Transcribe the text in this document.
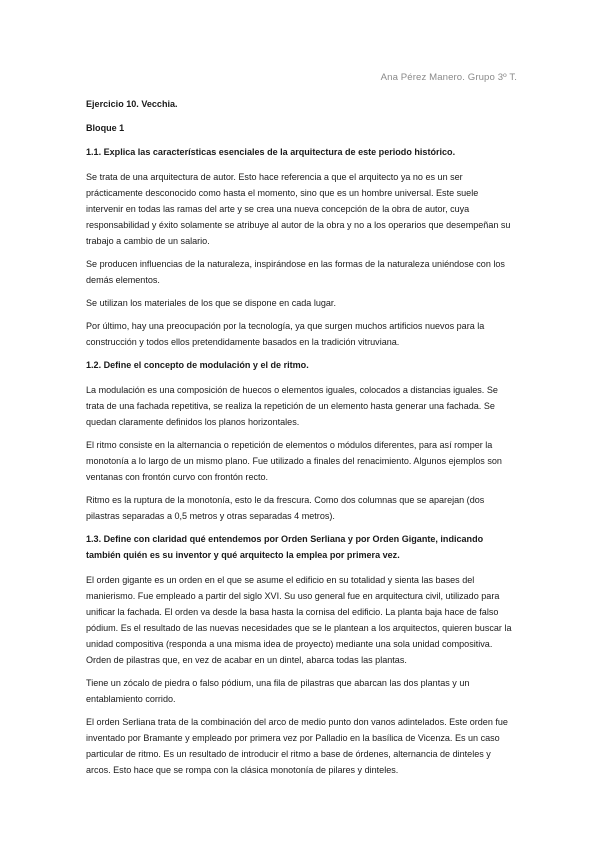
Ana Pérez Manero. Grupo 3º T.
Ejercicio 10. Vecchia.
Bloque 1
1.1. Explica las características esenciales de la arquitectura de este periodo histórico.

Se trata de una arquitectura de autor. Esto hace referencia a que el arquitecto ya no es un ser prácticamente desconocido como hasta el momento, sino que es un hombre universal. Este suele intervenir en todas las ramas del arte y se crea una nueva concepción de la obra de autor, cuya responsabilidad y éxito solamente se atribuye al autor de la obra y no a los operarios que desempeñan su trabajo a cambio de un salario.

Se producen influencias de la naturaleza, inspirándose en las formas de la naturaleza uniéndose con los demás elementos.

Se utilizan los materiales de los que se dispone en cada lugar.

Por último, hay una preocupación por la tecnología, ya que surgen muchos artificios nuevos para la construcción y todos ellos pretendidamente basados en la tradición vitruviana.

1.2. Define el concepto de modulación y el de ritmo.

La modulación es una composición de huecos o elementos iguales, colocados a distancias iguales. Se trata de una fachada repetitiva, se realiza la repetición de un elemento hasta generar una fachada. Se quedan claramente definidos los planos horizontales.

El ritmo consiste en la alternancia o repetición de elementos o módulos diferentes, para así romper la monotonía a lo largo de un mismo plano. Fue utilizado a finales del renacimiento. Algunos ejemplos son ventanas con frontón curvo con frontón recto.

Ritmo es la ruptura de la monotonía, esto le da frescura. Como dos columnas que se aparejan (dos pilastras separadas a 0,5 metros y otras separadas 4 metros).

1.3. Define con claridad qué entendemos por Orden Serliana y por Orden Gigante, indicando también quién es su inventor y qué arquitecto la emplea por primera vez.

El orden gigante es un orden en el que se asume el edificio en su totalidad y sienta las bases del manierismo. Fue empleado a partir del siglo XVI. Su uso general fue en arquitectura civil, utilizado para unificar la fachada. El orden va desde la basa hasta la cornisa del edificio. La planta baja hace de falso pódium. Es el resultado de las nuevas necesidades que se le plantean a los arquitectos, quieren buscar la unidad compositiva (responda a una misma idea de proyecto) mediante una sola unidad compositiva. Orden de pilastras que, en vez de acabar en un dintel, abarca todas las plantas.

Tiene un zócalo de piedra o falso pódium, una fila de pilastras que abarcan las dos plantas y un entablamiento corrido.

El orden Serliana trata de la combinación del arco de medio punto don vanos adintelados. Este orden fue inventado por Bramante y empleado por primera vez por Palladio en la basílica de Vicenza. Es un caso particular de ritmo. Es un resultado de introducir el ritmo a base de órdenes, alternancia de dinteles y arcos. Esto hace que se rompa con la clásica monotonía de pilares y dinteles.
